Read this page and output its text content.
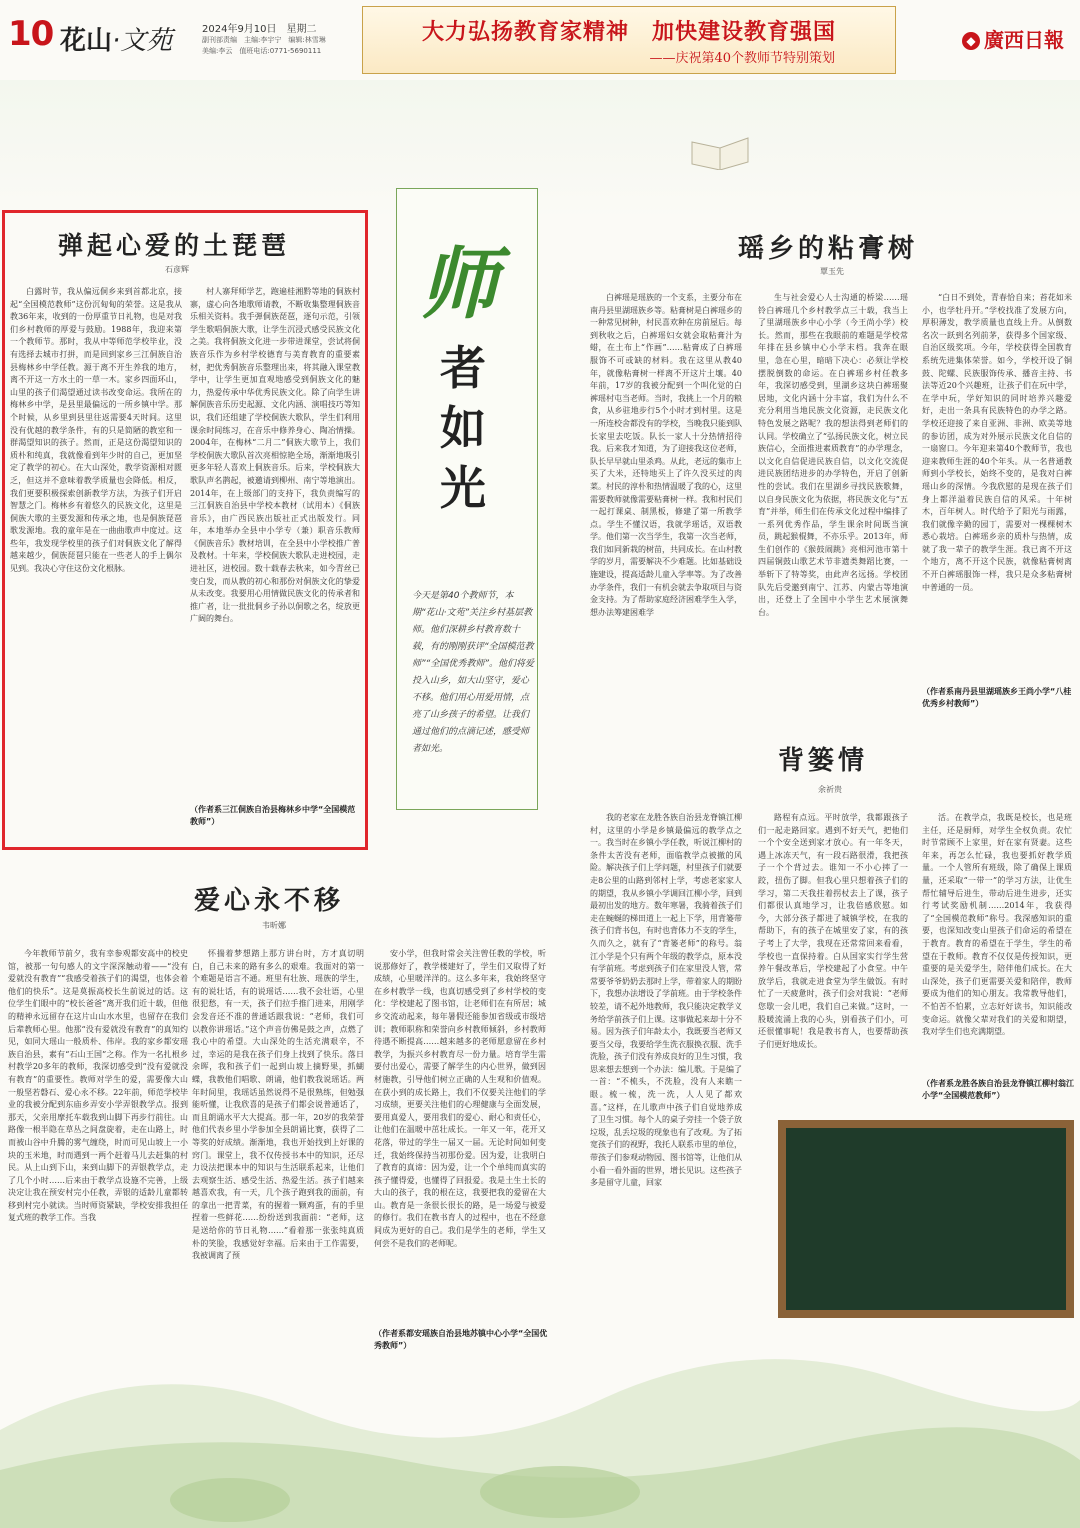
10 花山·文苑	2024年9月10日　星期二
副刊部责编　主编:李宇宁　编辑:林雪琳
美编:李云　值班电话:0771-5690111
大力弘扬教育家精神　加快建设教育强国
——庆祝第40个教师节特别策划
◆ 廣西日報
弹起心爱的土琵琶
石彦辉

白露时节，我从偏远侗乡来到首都北京，接起“全国模范教师”这份沉甸甸的荣誉。这是我从教36年来，收到的一份厚重节日礼物，也是对我们乡村教师的厚爱与鼓励。1988年，我迎来第一个教师节。那时，我从中等师范学校毕业，没有选择去城市打拼，而是回到家乡三江侗族自治县梅林乡中学任教。源于离不开生养我的地方，离不开这一方水土的一草一木。家乡四面环山，山里的孩子们渴望通过读书改变命运。我所在的梅林乡中学，是县里最偏远的一所乡镇中学。那个时候，从乡里到县里往返需要4天时间。这里没有优越的教学条件，有的只是简陋的教室和一群渴望知识的孩子。然而，正是这份渴望知识的质朴和纯真，我就像看到年少时的自己，更加坚定了教学的初心。在大山深处，教学资源相对匮乏，但这并不意味着教学质量也会降低。相反，我们更要积极探索创新教学方法，为孩子们开启智慧之门。梅林乡有着悠久的民族文化，这里是侗族大歌的主要发源和传承之地，也是侗族琵琶歌发源地。我的童年是在一曲曲歌声中度过。这些年，我发现学校里的孩子们对侗族文化了解得越来越少，侗族琵琶只能在一些老人的手上偶尔见到。我决心守住这份文化根脉。

村人寨拜师学艺，跑遍桂湘黔等地的侗族村寨，虚心向各地歌师请教，不断收集整理侗族音乐相关资料。我手弹侗族琵琶，逐句示范，引领学生歌唱侗族大歌，让学生沉浸式感受民族文化之美。我将侗族文化进一步带进课堂，尝试将侗族音乐作为乡村学校德育与美育教育的重要素材，把优秀侗族音乐整理出来，将其融入课堂教学中，让学生更加直观地感受到侗族文化的魅力，热爱传承中华优秀民族文化。除了向学生讲解侗族音乐历史起源、文化内涵、演唱技巧等知识，我们还组建了学校侗族大歌队，学生们利用课余时间练习，在音乐中修养身心、陶冶情操。2004年，在梅林“二月二”侗族大歌节上，我们学校侗族大歌队首次亮相惊艳全场，渐渐地吸引更多年轻人喜欢上侗族音乐。后来，学校侗族大歌队声名鹊起，被邀请到柳州、南宁等地演出。2014年，在上级部门的支持下，我负责编写的三江侗族自治县中学校本教材（试用本）《侗族音乐》，由广西民族出版社正式出版发行。同年，本地举办全县中小学专（兼）职音乐教师《侗族音乐》教材培训，在全县中小学校推广普及教材。十年来，学校侗族大歌队走进校园，走进社区，进校园。数十载春去秋来，如今青丝已变白发，而从教的初心和那份对侗族文化的挚爱从未改变。我要用心用情做民族文化的传承者和推广者，让一批批侗乡子孙以侗歌之名，绽放更广阔的舞台。

（作者系三江侗族自治县梅林乡中学“全国模范教师”）
师
者
如
光
今天是第40个教师节，本期“花山·文苑”关注乡村基层教师。他们深耕乡村教育数十载，有的刚刚获评“全国模范教师”“全国优秀教师”。他们将爱投入山乡，如大山坚守，爱心不移。他们用心用爱用情，点亮了山乡孩子的希望。让我们通过他们的点滴记述，感受师者如光。
瑶乡的粘膏树
覃玉先

白裤瑶是瑶族的一个支系，主要分布在南丹县里湖瑶族乡等。粘膏树是白裤瑶乡的一种常见树种，村民喜欢种在房前屋后。每到秋收之后，白裤瑶妇女就会取粘膏汁为蜡，在土布上“作画”……粘膏成了白裤瑶服饰不可或缺的材料。我在这里从教40年，就像粘膏树一样离不开这片土壤。40年前，17岁的我被分配到一个叫化觉的白裤瑶村屯当老师。当时，我挑上一个月的粮食，从乡驻地步行5个小时才到村里。这是一所连校舍都没有的学校，当晚我只能到队长家里去吃饭。队长一家人十分热情招待我。后来我才知道，为了迎接我这位老师，队长早早就山里杀鸡。从此，老远的集市上买了大米，还特地买上了许久没买过的肉菜。村民的淳朴和热情温暖了我的心，这里需要教师就像需要粘膏树一样。我和村民们一起打课桌、制黑板，修建了第一所教学点。学生不懂汉语，我就学瑶话，双语教学。他们第一次当学生，我第一次当老师，我们如同新栽的树苗，共同成长。在山村教学的岁月，需要解决不少难题。比如基础设施建设，提高适龄儿童入学率等。为了改善办学条件，我们一有机会就去争取项目与资金支持。为了帮助家庭经济困难学生入学，想办法筹建困难学

生与社会爱心人士沟通的桥梁……瑶铃白裤瑶几个乡村教学点三十载，我当上了里湖瑶族乡中心小学（今王尚小学）校长。然而，那些在我眼前的难题是学校常年排在县乡镇中心小学末档。我奔在眼里，急在心里，暗暗下决心：必须让学校摆脱倒数的命运。在白裤瑶乡村任教多年，我深切感受到，里湖乡这块白裤瑶聚居地，文化内涵十分丰富，我们为什么不充分利用当地民族文化资源，走民族文化特色发展之路呢？我的想法得到老师们的认同。学校确立了“弘扬民族文化，树立民族信心，全面推进素质教育”的办学理念，以文化自信促进民族自信，以文化交流促进民族团结进步的办学特色，开启了创新性的尝试。我们在里湖乡寻找民族歌舞，以自身民族文化为依据，将民族文化与“五育”并举，师生们在传承文化过程中编排了一系列优秀作品，学生课余时间既当演员，跳起猴棍舞，不亦乐乎。2013年，师生们创作的《猴鼓闹跳》亮相河池市第十四届铜鼓山歌艺术节非遗类舞蹈比赛，一举斩下了特等奖，由此声名远扬。学校团队先后受邀到南宁、江苏、内蒙古等地演出，还登上了全国中小学生艺术展演舞台。

“白日不到处，青春恰自来；苔花如米小，也学牡丹开。”学校找准了发展方向，厚积薄发，教学质量也直线上升。从倒数名次一跃到名列前茅，获得多个国家级、自治区级奖项。今年，学校获得全国教育系统先进集体荣誉。如今，学校开设了铜鼓、陀螺、民族服饰传承、播音主持、书法等近20个兴趣班，让孩子们在玩中学，在学中玩，学好知识的同时培养兴趣爱好，走出一条具有民族特色的办学之路。学校还迎接了来自亚洲、非洲、欧美等地的参访团，成为对外展示民族文化自信的一扇窗口。今年迎来第40个教师节，我也迎来教师生涯的40个年头。从一名普通教师到小学校长，始终不变的，是我对白裤瑶山乡的深情。今我欣慰的是现在孩子们身上都洋溢着民族自信的风采。十年树木，百年树人。时代给予了阳光与雨露，我们就像辛勤的园丁，需要对一棵棵树木悉心栽培。白裤瑶乡亲的质朴与热情，成就了我一辈子的教学生涯。我已离不开这个地方，离不开这个民族，就像粘膏树离不开白裤瑶服饰一样，我只是众多粘膏树中普通的一员。

（作者系南丹县里湖瑶族乡王尚小学“八桂优秀乡村教师”）
背篓情
余祈贵

我的老家在龙胜各族自治县龙脊镇江柳村，这里的小学是乡镇最偏远的教学点之一。我当时在乡镇小学任教，听说江柳村的条件太苦没有老师，面临教学点被撤的风险。解决孩子们上学问题，村里孩子们就要走8公里的山路到邻村上学，考虑老家家人的期望，我从乡镇小学调回江柳小学，回到最初出发的地方。数年寒暑，我骑着孩子们走在蜿蜒的梯田道上一起上下学，用背篓带孩子们背书包，有时也背体力不支的学生，久而久之，就有了“背篓老师”的称号。翁江小学是个只有两个年级的教学点，原本没有学前班。考虑到孩子们在家里没人管，常常要爷爷奶奶去那时上学，带着家人的期盼下，我想办法增设了学前班。由于学校条件较差，请不起外地教师，我只能决定教学义务给学前孩子们上课。这事做起来却十分不易。因为孩子们年龄太小，我既要当老师又要当父母，我要给学生洗衣服换衣服、洗手洗脸，孩子们没有养成良好的卫生习惯，我思来想去想到一个办法：编儿歌。于是编了一首：“不梳头，不洗脸，没有人来瞧一眼。梳一梳，洗一洗，人人见了都欢喜。”这样，在儿歌声中孩子们自觉地养成了卫生习惯。每个人的桌子旁挂一个袋子放垃圾，乱丢垃圾的现象也有了改观。为了拓宽孩子们的视野，我托人联系市里的单位，带孩子们参观动物园、图书馆等，让他们从小看一看外面的世界，增长见识。这些孩子多是留守儿童，回家

路程有点远。平时放学，我都跟孩子们一起走路回家。遇到不好天气，把他们一个个安全送到家才放心。有一年冬天，遇上冰冻天气，有一段石路很滑，我把孩子一个个背过去。谁知一不小心摔了一跤，扭伤了脚。但我心里只想着孩子们的学习，第二天我拄着拐杖去上了课，孩子们都很认真地学习，让我倍感欣慰。如今，大部分孩子都进了城镇学校，在我的帮助下，有的孩子在城里安了家，有的孩子考上了大学，我现在还常常回来看看，学校也一直保持着。白从国家实行学生营养午餐改革后，学校建起了小食堂。中午放学后，我就走进食堂为学生做饭。有时忙了一天疲惫时，孩子们会对我说：“老师您歇一会儿吧，我们自己来做。”这时，一股暖流涌上我的心头，别看孩子们小，可还很懂事呢！我是教书育人，也要帮助孩子们更好地成长。

活。在教学点，我既是校长，也是班主任，还是厨师，对学生全权负责。农忙时节常顾不上家里，好在家有贤妻。这些年来，再怎么忙碌，我也要抓好教学质量。一个人管所有班级，除了确保上课质量，还采取“一带一”的学习方法，让优生帮忙辅导后进生，带动后进生进步，还实行考试奖励机制……2014年，我获得了“全国模范教师”称号。我深感知识的重要，也深知改变山里孩子们命运的希望在于教育。教育的希望在于学生，学生的希望在于教师。教育不仅仅是传授知识，更重要的是关爱学生，陪伴他们成长。在大山深处，孩子们更需要关爱和陪伴，教师要成为他们的知心朋友。我常教导他们，不怕苦不怕累，立志好好读书，知识能改变命运。就像父辈对我们的关爱和期望，我对学生们也充满期望。

（作者系龙胜各族自治县龙脊镇江柳村翁江小学“全国模范教师”）
爱心永不移
韦昕娜

今年教师节前夕，我有幸参观都安高中的校史馆，被那一句句感人的文字深深触动着——“没有爱就没有教育”“我感受着孩子们的渴望，也体会着他们的快乐”。这是莫振高校长生前说过的话。这位学生们眼中的“校长爸爸”离开我们近十载，但他的精神永远留存在这片山山水水里，也留存在我们后辈教师心里。他那“没有爱就没有教育”的真知灼见，如同大瑶山一般质朴、伟岸。我的家乡都安瑶族自治县，素有“石山王国”之称。作为一名扎根乡村教学20多年的教师，我深切感受到“没有爱就没有教育”的重要性。教师对学生的爱，需要像大山一般坚若磐石、爱心永不移。22年前，师范学校毕业的我被分配到东庙乡弄安小学弄银教学点。报到那天，父亲用摩托车载我到山脚下再步行前往。山路像一根半隐在草丛之间盘旋着，走在山路上，时而被山谷中升腾的雾气缠绕，时而可见山坡上一小块的玉米地，时而遇到一两个赶着马儿去赶集的村民。从上山到下山，来到山脚下的弄银教学点，走了几个小时……后来由于教学点设施不完善，上级决定让我在预安村完小任教，弄银的适龄儿童都转移到村完小就读。当时师资紧缺，学校安排我担任复式班的教学工作。当我

怀揣着梦想踏上那方讲台时，方才真切明白，自己未来的路有多么的艰难。我面对的第一个难题是语言不通。班里有壮族、瑶族的学生，有的说壮话，有的说瑶话……我不会壮语，心里很犯愁，有一天，孩子们拉手推门进来，用刚学会发音还不准的普通话跟我说：“老师，我们可以教你讲瑶话。”这个声音仿佛是鼓之声，点燃了我心中的希望。大山深处的生活充满艰辛，不过，幸运的是我在孩子们身上找到了快乐。落日余晖，我和孩子们一起到山坡上摘野果，抓蝴蝶，我教他们唱歌、朗诵，他们教我说瑶话。两年时间里，我瑶话虽然说得不是很熟练，但勉强能听懂，让我欣喜的是孩子们都会说普通话了，而且朗诵水平大大提高。那一年，20岁的我荣誉他们代表乡里小学参加全县朗诵比赛，获得了二等奖的好成绩。渐渐地，我也开始找到上好课的窍门。课堂上，我不仅传授书本中的知识，还尽力设法把课本中的知识与生活联系起来，让他们去观察生活、感受生活、热爱生活。孩子们越来越喜欢我，有一天，几个孩子跑到我的面前，有的拿出一把青菜，有的握着一颗鸡蛋，有的手里捏着一些鲜花……纷纷送到我面前：“老师，这是送给你的节日礼物……”看着那一张张纯真质朴的笑脸，我感觉好幸福。后来由于工作需要，我被调离了预

安小学，但我时常会关注曾任教的学校，听说那修好了，教学楼建好了，学生们又取得了好成绩，心里暖洋洋的。这么多年来，我始终坚守在乡村教学一线，也真切感受到了乡村学校的变化：学校建起了图书馆，让老师们在有所居；城乡交流动起来，每年暑假还能参加省级或市级培训；教师职称和荣誉向乡村教师倾斜，乡村教师待遇不断提高……越来越多的老师愿意留在乡村教学，为振兴乡村教育尽一份力量。培育学生需要付出爱心，需要了解学生的内心世界，做到因材施教，引导他们树立正确的人生观和价值观。在获小到的成长路上，我们不仅要关注他们的学习成绩，更要关注他们的心理健康与全面发展，要用真爱人，要用我们的爱心、耐心和责任心，让他们在温暖中茁壮成长。一年又一年，花开又花落，带过的学生一届又一届。无论时间如何变迁，我始终保持当初那份爱。因为爱，让我明白了教育的真谛：因为爱，让一个个单纯而真实的孩子懂得爱，也懂得了回报爱。我是土生土长的大山的孩子，我的根在这，我要把我的爱留在大山。教育是一条很长很长的路，是一场爱与被爱的修行。我们在教书育人的过程中，也在不经意间成为更好的自己。我们是学生的老师，学生又何尝不是我们的老师呢。

（作者系都安瑶族自治县地苏镇中心小学“全国优秀教师”）
